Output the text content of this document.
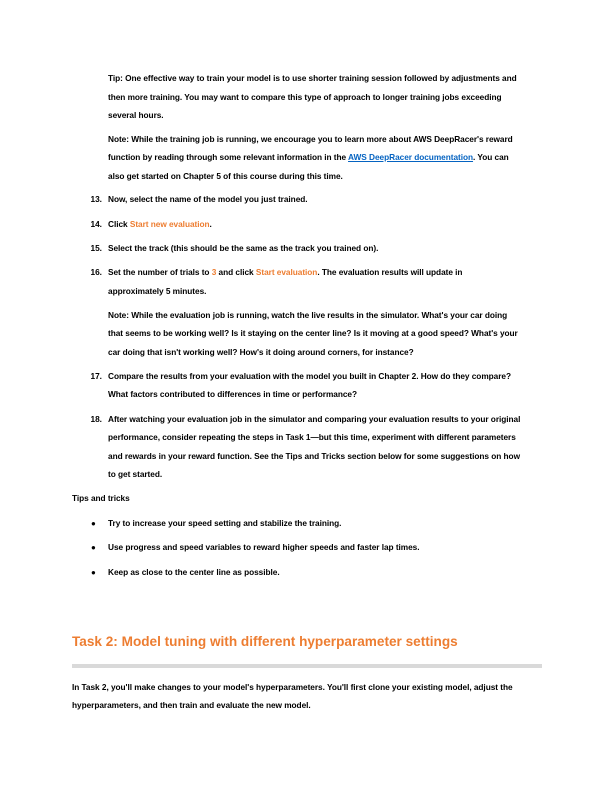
Tip: One effective way to train your model is to use shorter training session followed by adjustments and
then more training. You may want to compare this type of approach to longer training jobs exceeding
several hours.
Note: While the training job is running, we encourage you to learn more about AWS DeepRacer's reward
function by reading through some relevant information in the AWS DeepRacer documentation. You can
also get started on Chapter 5 of this course during this time.
13. Now, select the name of the model you just trained.
14. Click Start new evaluation.
15. Select the track (this should be the same as the track you trained on).
16. Set the number of trials to 3 and click Start evaluation. The evaluation results will update in
approximately 5 minutes.
Note: While the evaluation job is running, watch the live results in the simulator. What's your car doing
that seems to be working well? Is it staying on the center line? Is it moving at a good speed? What's your
car doing that isn't working well? How's it doing around corners, for instance?
17. Compare the results from your evaluation with the model you built in Chapter 2. How do they compare?
What factors contributed to differences in time or performance?
18. After watching your evaluation job in the simulator and comparing your evaluation results to your original
performance, consider repeating the steps in Task 1—but this time, experiment with different parameters
and rewards in your reward function. See the Tips and Tricks section below for some suggestions on how
to get started.
Tips and tricks
● Try to increase your speed setting and stabilize the training.
● Use progress and speed variables to reward higher speeds and faster lap times.
● Keep as close to the center line as possible.
Task 2: Model tuning with different hyperparameter settings
In Task 2, you'll make changes to your model's hyperparameters. You'll first clone your existing model, adjust the
hyperparameters, and then train and evaluate the new model.
